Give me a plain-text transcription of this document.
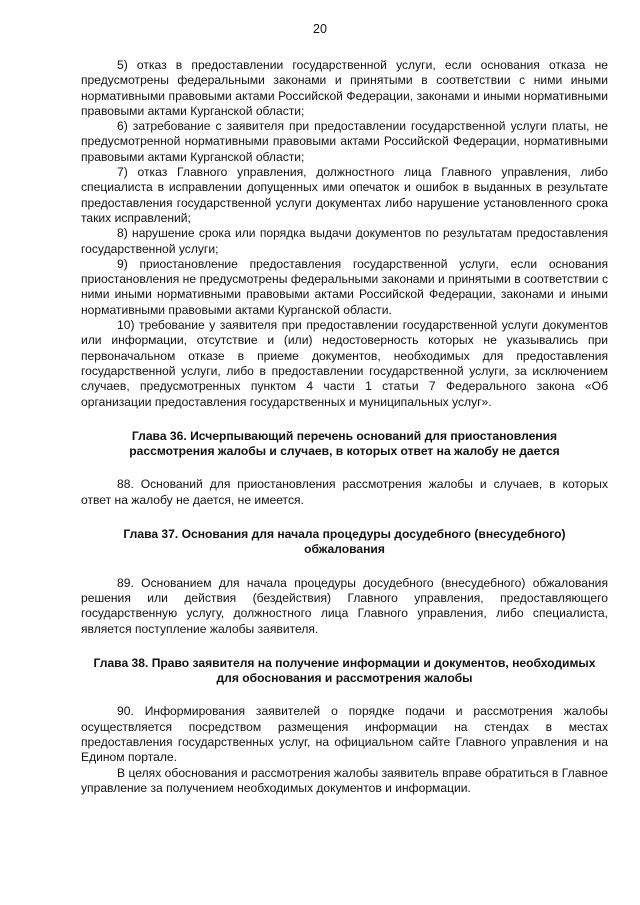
20

5) отказ в предоставлении государственной услуги, если основания отказа не предусмотрены федеральными законами и принятыми в соответствии с ними иными нормативными правовыми актами Российской Федерации, законами и иными нормативными правовыми актами Курганской области;

6) затребование с заявителя при предоставлении государственной услуги платы, не предусмотренной нормативными правовыми актами Российской Федерации, нормативными правовыми актами Курганской области;

7) отказ Главного управления, должностного лица Главного управления, либо специалиста в исправлении допущенных ими опечаток и ошибок в выданных в результате предоставления государственной услуги документах либо нарушение установленного срока таких исправлений;

8) нарушение срока или порядка выдачи документов по результатам предоставления государственной услуги;

9) приостановление предоставления государственной услуги, если основания приостановления не предусмотрены федеральными законами и принятыми в соответствии с ними иными нормативными правовыми актами Российской Федерации, законами и иными нормативными правовыми актами Курганской области.

10) требование у заявителя при предоставлении государственной услуги документов или информации, отсутствие и (или) недостоверность которых не указывались при первоначальном отказе в приеме документов, необходимых для предоставления государственной услуги, либо в предоставлении государственной услуги, за исключением случаев, предусмотренных пунктом 4 части 1 статьи 7 Федерального закона «Об организации предоставления государственных и муниципальных услуг».

Глава 36. Исчерпывающий перечень оснований для приостановления рассмотрения жалобы и случаев, в которых ответ на жалобу не дается

88. Оснований для приостановления рассмотрения жалобы и случаев, в которых ответ на жалобу не дается, не имеется.

Глава 37. Основания для начала процедуры досудебного (внесудебного) обжалования

89. Основанием для начала процедуры досудебного (внесудебного) обжалования решения или действия (бездействия) Главного управления, предоставляющего государственную услугу, должностного лица Главного управления, либо специалиста, является поступление жалобы заявителя.

Глава 38. Право заявителя на получение информации и документов, необходимых для обоснования и рассмотрения жалобы

90. Информирования заявителей о порядке подачи и рассмотрения жалобы осуществляется посредством размещения информации на стендах в местах предоставления государственных услуг, на официальном сайте Главного управления и на Едином портале.

В целях обоснования и рассмотрения жалобы заявитель вправе обратиться в Главное управление за получением необходимых документов и информации.
